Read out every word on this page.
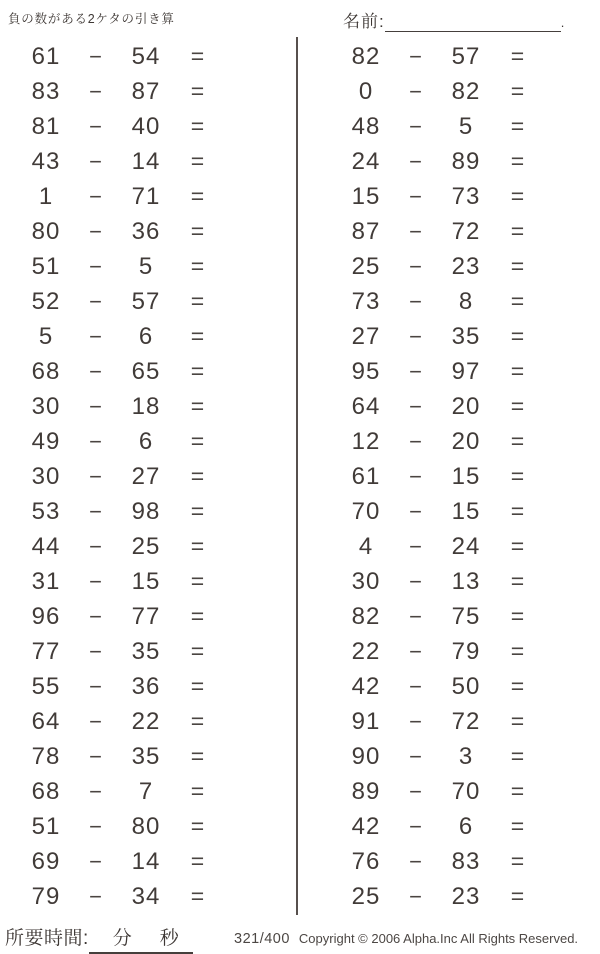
負の数がある2ケタの引き算	名前:	.
61	−	54	=
83	−	87	=
81	−	40	=
43	−	14	=
1	−	71	=
80	−	36	=
51	−	5	=
52	−	57	=
5	−	6	=
68	−	65	=
30	−	18	=
49	−	6	=
30	−	27	=
53	−	98	=
44	−	25	=
31	−	15	=
96	−	77	=
77	−	35	=
55	−	36	=
64	−	22	=
78	−	35	=
68	−	7	=
51	−	80	=
69	−	14	=
79	−	34	=
82	−	57	=
0	−	82	=
48	−	5	=
24	−	89	=
15	−	73	=
87	−	72	=
25	−	23	=
73	−	8	=
27	−	35	=
95	−	97	=
64	−	20	=
12	−	20	=
61	−	15	=
70	−	15	=
4	−	24	=
30	−	13	=
82	−	75	=
22	−	79	=
42	−	50	=
91	−	72	=
90	−	3	=
89	−	70	=
42	−	6	=
76	−	83	=
25	−	23	=
所要時間: 分 秒	321/400 Copyright © 2006 Alpha.Inc All Rights Reserved.
